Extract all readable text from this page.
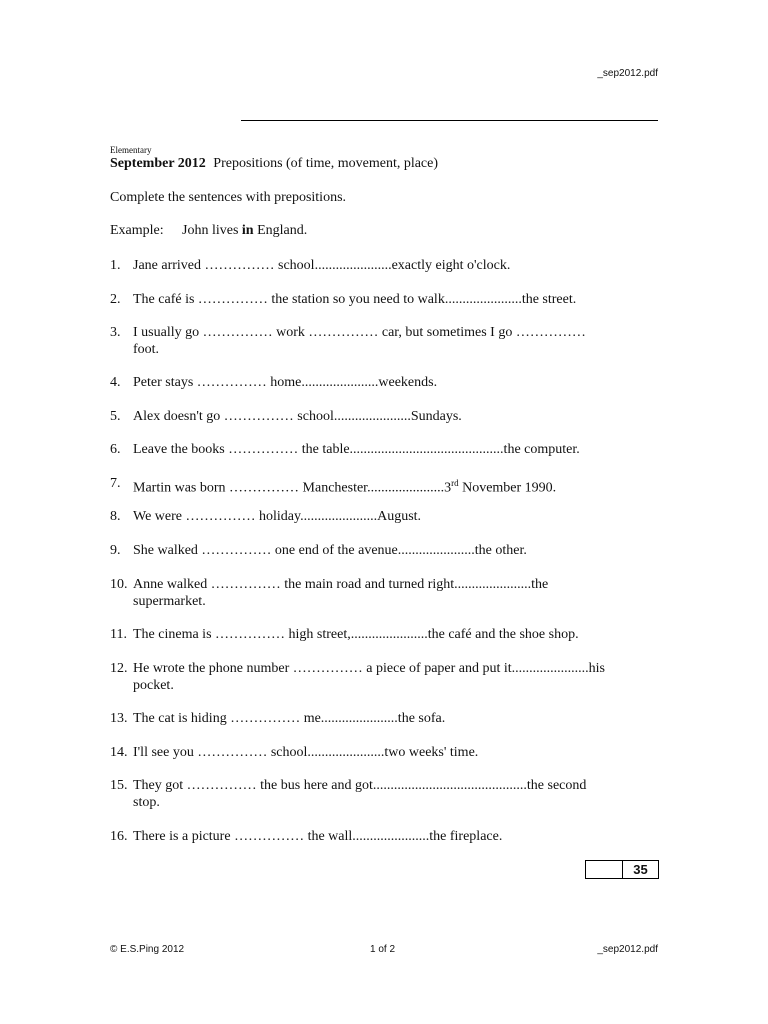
_sep2012.pdf
Elementary
September 2012 Prepositions (of time, movement, place)
Complete the sentences with prepositions.
Example: John lives in England.
1. Jane arrived …………… school......................exactly eight o'clock.
2. The café is …………… the station so you need to walk......................the street.
3. I usually go …………… work …………… car, but sometimes I go ……………
foot.
4. Peter stays …………… home......................weekends.
5. Alex doesn't go …………… school......................Sundays.
6. Leave the books …………… the table............................................the computer.
7. Martin was born …………… Manchester......................3rd November 1990.
8. We were …………… holiday......................August.
9. She walked …………… one end of the avenue......................the other.
10. Anne walked …………… the main road and turned right......................the
supermarket.
11. The cinema is …………… high street,......................the café and the shoe shop.
12. He wrote the phone number …………… a piece of paper and put it......................his
pocket.
13. The cat is hiding …………… me......................the sofa.
14. I'll see you …………… school......................two weeks' time.
15. They got …………… the bus here and got............................................the second
stop.
16. There is a picture …………… the wall......................the fireplace.
35
© E.S.Ping 2012	1 of 2	_sep2012.pdf
